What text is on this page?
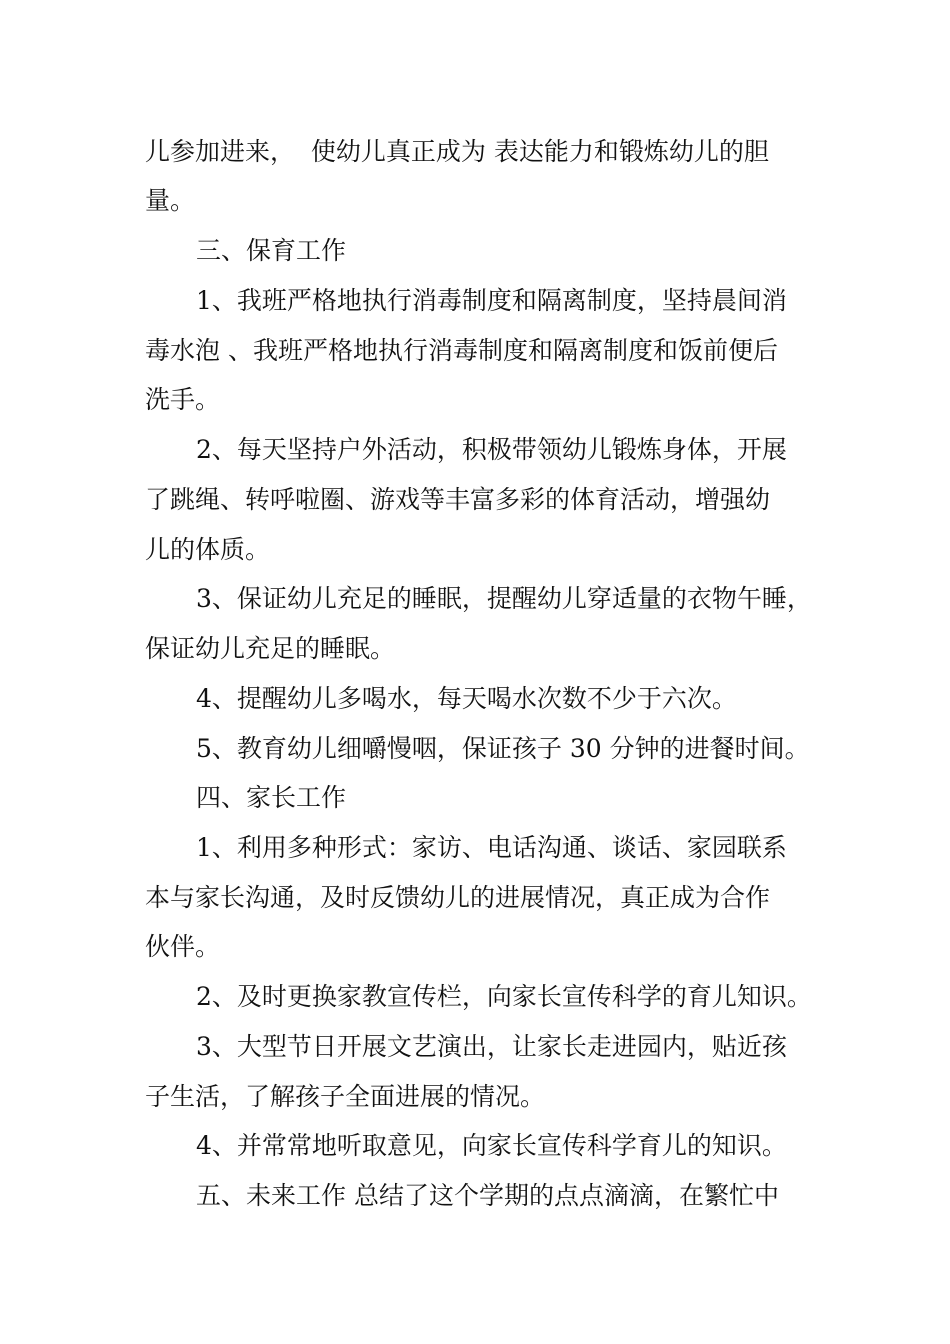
儿参加进来，  使幼儿真正成为 表达能力和锻炼幼儿的胆
量。
三、保育工作
1、我班严格地执行消毒制度和隔离制度，坚持晨间消
毒水泡 、我班严格地执行消毒制度和隔离制度和饭前便后
洗手。
2、每天坚持户外活动，积极带领幼儿锻炼身体，开展
了跳绳、转呼啦圈、游戏等丰富多彩的体育活动，增强幼
儿的体质。
3、保证幼儿充足的睡眠，提醒幼儿穿适量的衣物午睡，
保证幼儿充足的睡眠。
4、提醒幼儿多喝水，每天喝水次数不少于六次。
5、教育幼儿细嚼慢咽，保证孩子 30 分钟的进餐时间。
四、家长工作
1、利用多种形式：家访、电话沟通、谈话、家园联系
本与家长沟通，及时反馈幼儿的进展情况，真正成为合作
伙伴。
2、及时更换家教宣传栏，向家长宣传科学的育儿知识。
3、大型节日开展文艺演出，让家长走进园内，贴近孩
子生活，了解孩子全面进展的情况。
4、并常常地听取意见，向家长宣传科学育儿的知识。
五、未来工作 总结了这个学期的点点滴滴，在繁忙中
